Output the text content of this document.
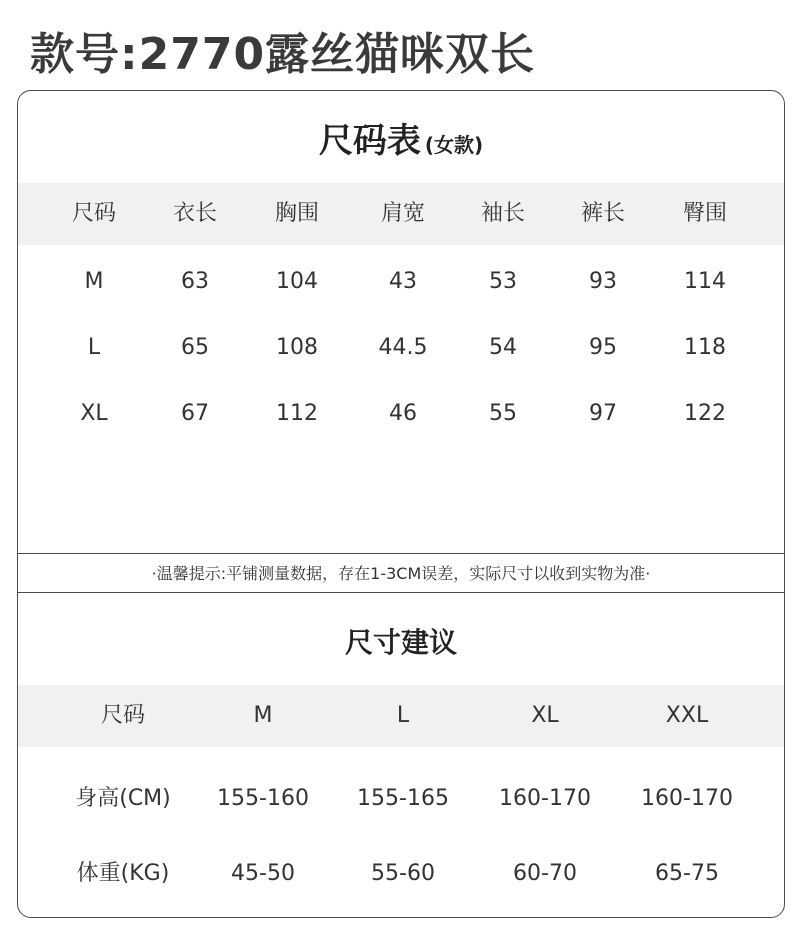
款号:2770露丝猫咪双长
尺码表 (女款)
尺码	衣长	胸围	肩宽	袖长	裤长	臀围
M	63	104	43	53	93	114
L	65	108	44.5	54	95	118
XL	67	112	46	55	97	122
·温馨提示:平铺测量数据，存在1-3CM误差，实际尺寸以收到实物为准·
尺寸建议
尺码	M	L	XL	XXL
身高(CM) 155-160 155-165 160-170 160-170
体重(KG)	45-50	55-60	60-70	65-75
